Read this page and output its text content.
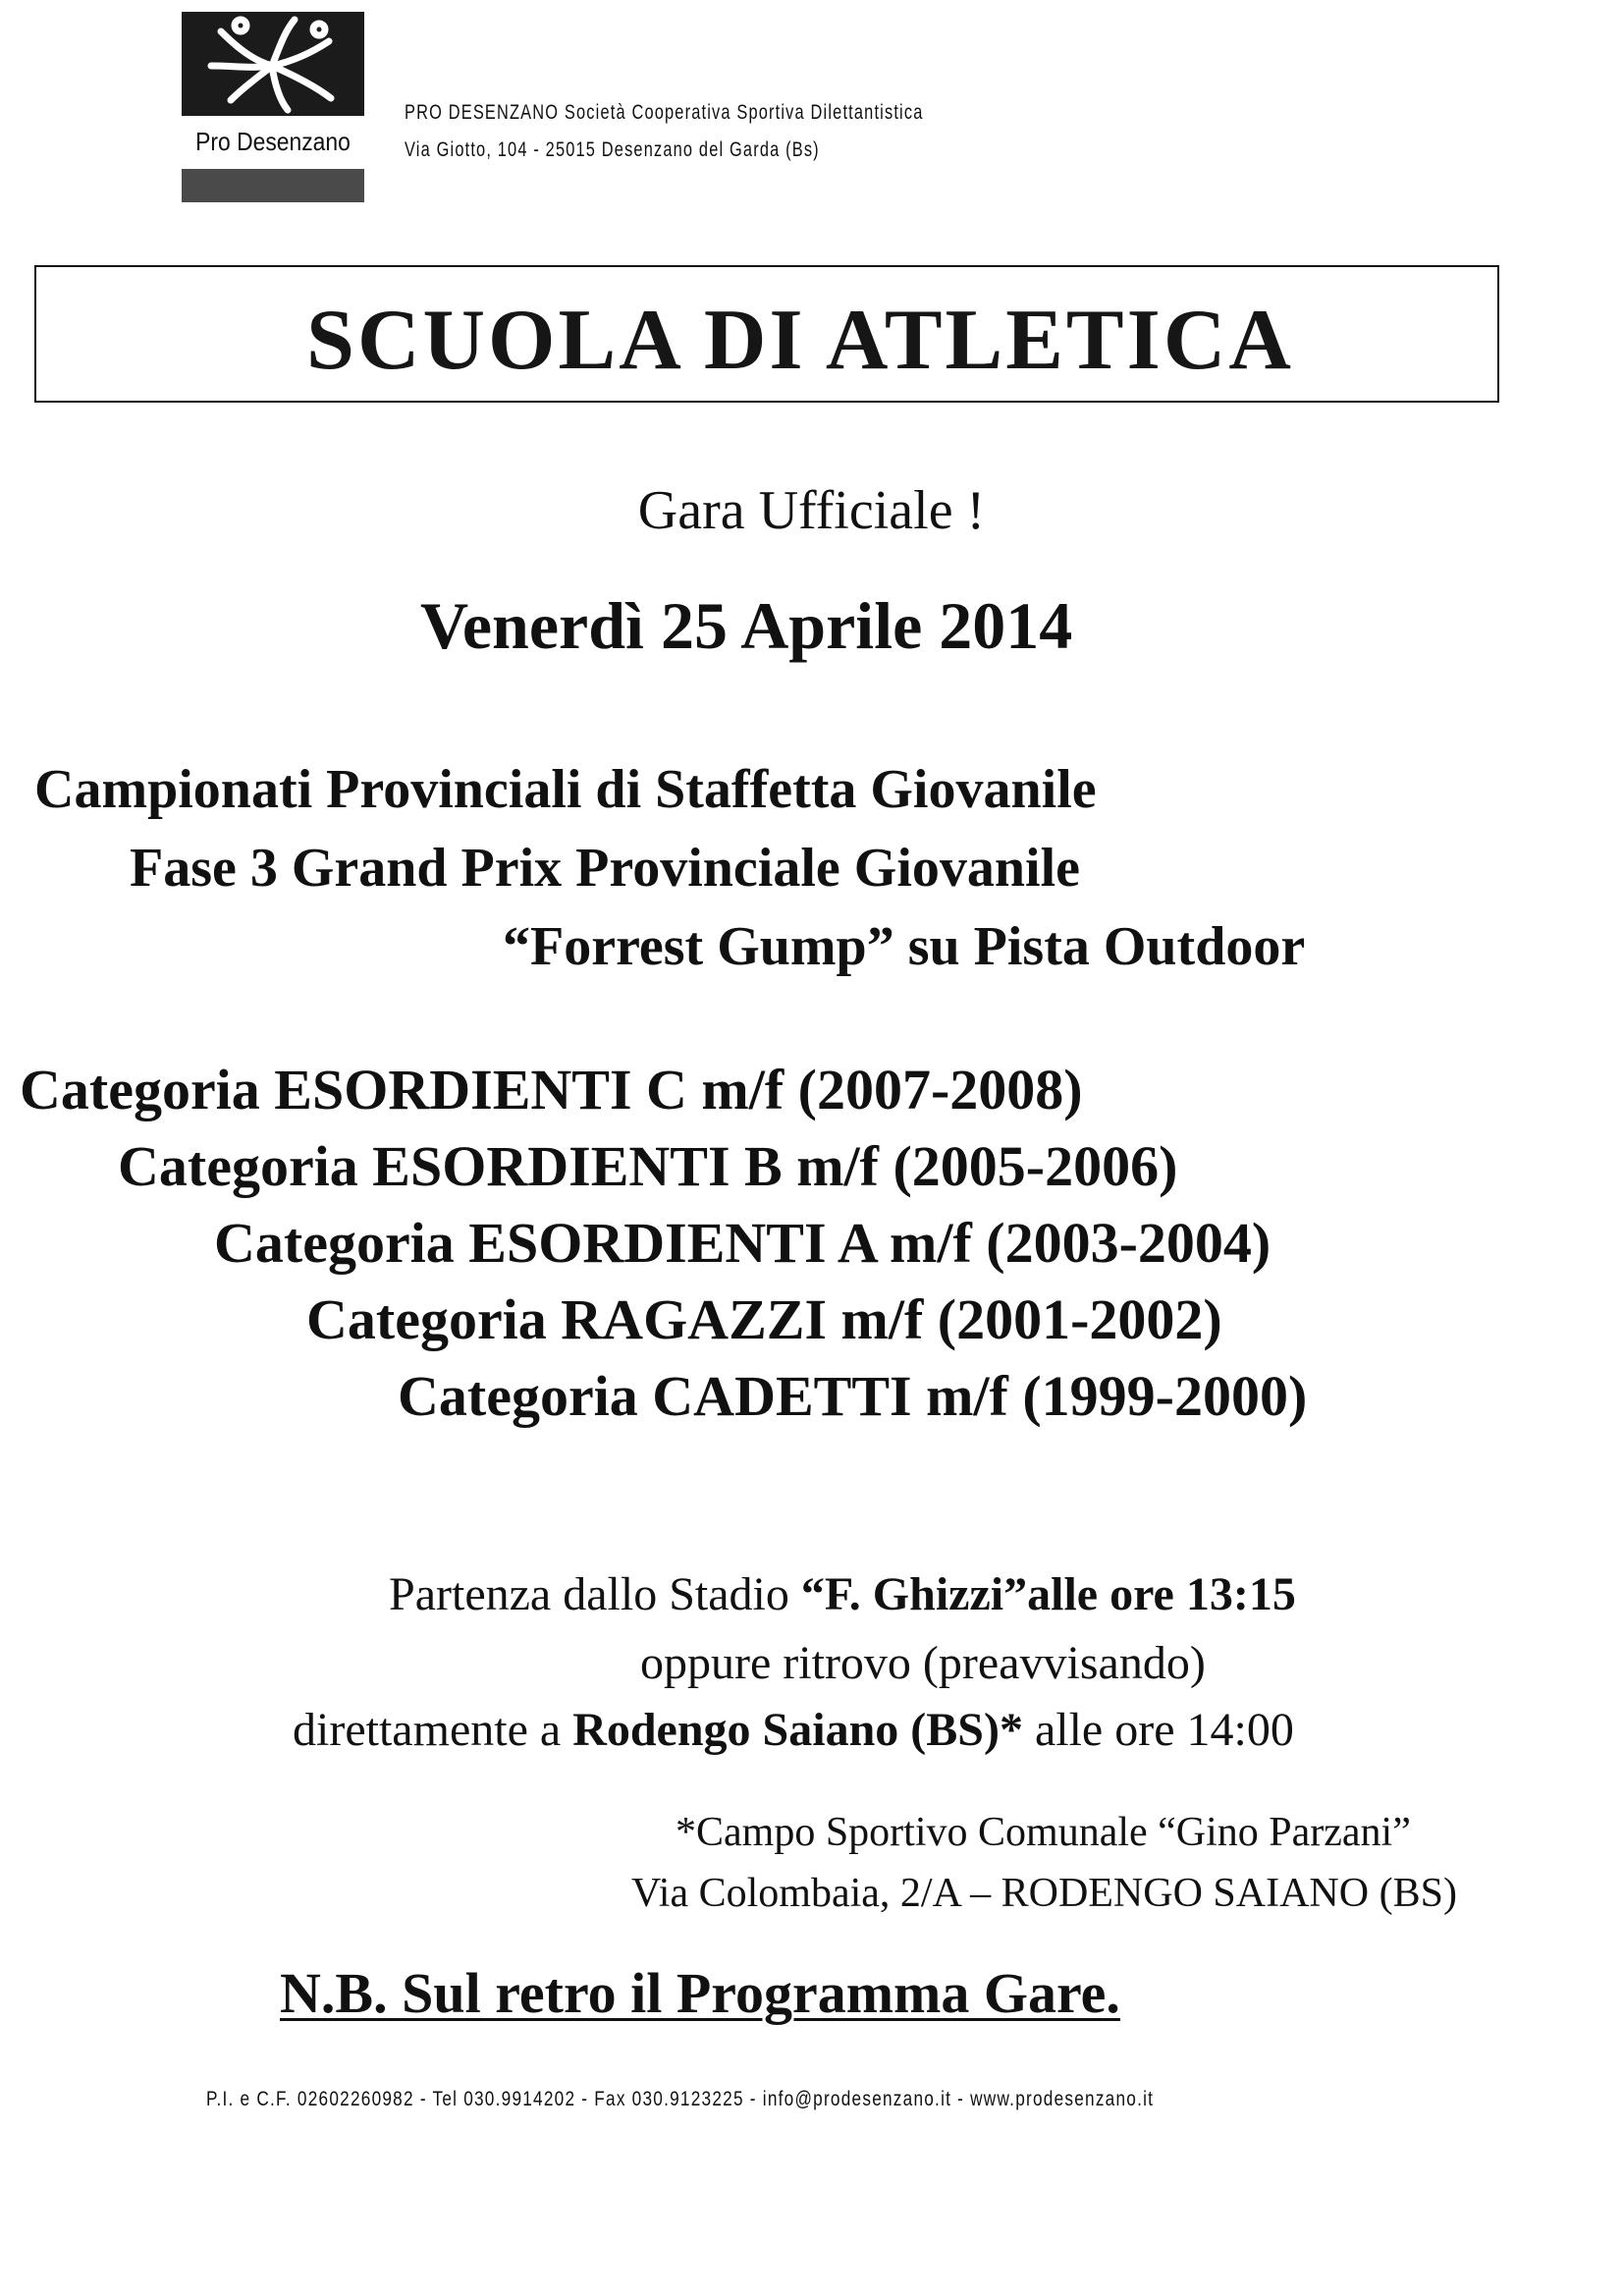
Pro Desenzano
PRO DESENZANO Società Cooperativa Sportiva Dilettantistica
Via Giotto, 104 - 25015 Desenzano del Garda (Bs)
SCUOLA DI ATLETICA
Gara Ufficiale !
Venerdì 25 Aprile 2014
Campionati Provinciali di Staffetta Giovanile
Fase 3 Grand Prix Provinciale Giovanile
“Forrest Gump” su Pista Outdoor
Categoria ESORDIENTI C m/f (2007-2008)
Categoria ESORDIENTI B m/f (2005-2006)
Categoria ESORDIENTI A m/f (2003-2004)
Categoria RAGAZZI m/f (2001-2002)
Categoria CADETTI m/f (1999-2000)
Partenza dallo Stadio “F. Ghizzi”alle ore 13:15
oppure ritrovo (preavvisando)
direttamente a Rodengo Saiano (BS)* alle ore 14:00
*Campo Sportivo Comunale “Gino Parzani”
Via Colombaia, 2/A – RODENGO SAIANO (BS)
N.B. Sul retro il Programma Gare.
P.I. e C.F. 02602260982 - Tel 030.9914202 - Fax 030.9123225 - info@prodesenzano.it - www.prodesenzano.it
